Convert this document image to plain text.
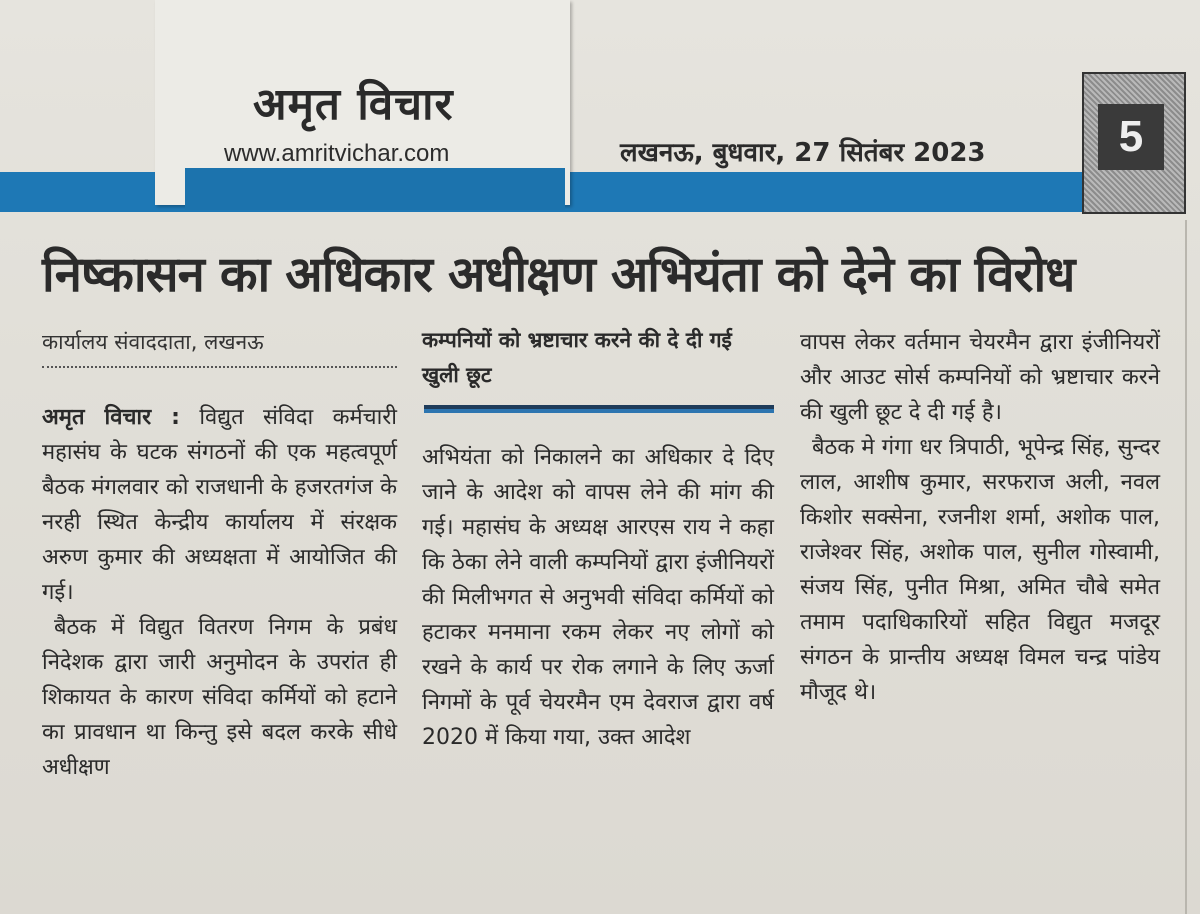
अमृत विचार
www.amritvichar.com	लखनऊ, बुधवार, 27 सितंबर 2023	5
निष्कासन का अधिकार अधीक्षण अभियंता को देने का विरोध
कार्यालय संवाददाता, लखनऊ

अमृत विचार : विद्युत संविदा कर्मचारी महासंघ के घटक संगठनों की एक महत्वपूर्ण बैठक मंगलवार को राजधानी के हजरतगंज के नरही स्थित केन्द्रीय कार्यालय में संरक्षक अरुण कुमार की अध्यक्षता में आयोजित की गई।

बैठक में विद्युत वितरण निगम के प्रबंध निदेशक द्वारा जारी अनुमोदन के उपरांत ही शिकायत के कारण संविदा कर्मियों को हटाने का प्रावधान था किन्तु इसे बदल करके सीधे अधीक्षण

कम्पनियों को भ्रष्टाचार करने की दे दी गई खुली छूट

अभियंता को निकालने का अधिकार दे दिए जाने के आदेश को वापस लेने की मांग की गई। महासंघ के अध्यक्ष आरएस राय ने कहा कि ठेका लेने वाली कम्पनियों द्वारा इंजीनियरों की मिलीभगत से अनुभवी संविदा कर्मियों को हटाकर मनमाना रकम लेकर नए लोगों को रखने के कार्य पर रोक लगाने के लिए ऊर्जा निगमों के पूर्व चेयरमैन एम देवराज द्वारा वर्ष 2020 में किया गया, उक्त आदेश

वापस लेकर वर्तमान चेयरमैन द्वारा इंजीनियरों और आउट सोर्स कम्पनियों को भ्रष्टाचार करने की खुली छूट दे दी गई है।

बैठक मे गंगा धर त्रिपाठी, भूपेन्द्र सिंह, सुन्दर लाल, आशीष कुमार, सरफराज अली, नवल किशोर सक्सेना, रजनीश शर्मा, अशोक पाल, राजेश्वर सिंह, अशोक पाल, सुनील गोस्वामी, संजय सिंह, पुनीत मिश्रा, अमित चौबे समेत तमाम पदाधिकारियों सहित विद्युत मजदूर संगठन के प्रान्तीय अध्यक्ष विमल चन्द्र पांडेय मौजूद थे।
